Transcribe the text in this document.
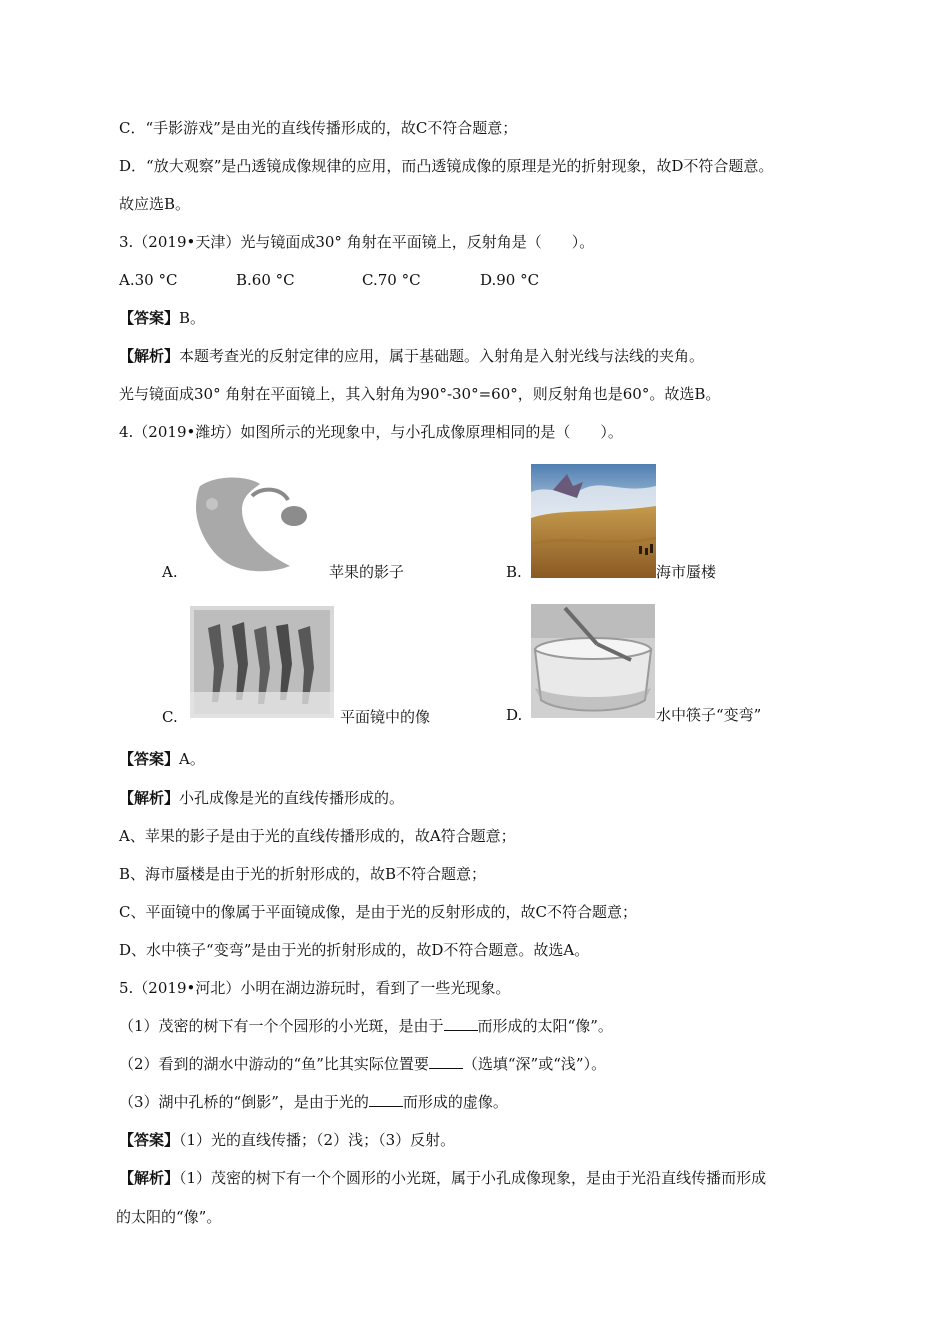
C．“手影游戏”是由光的直线传播形成的，故C不符合题意；
D．“放大观察”是凸透镜成像规律的应用，而凸透镜成像的原理是光的折射现象，故D不符合题意。
故应选B。
3.（2019•天津）光与镜面成30° 角射在平面镜上，反射角是（　　）。
A.30 °C	B.60 °C	C.70 °C	D.90 °C
【答案】B。
【解析】本题考查光的反射定律的应用，属于基础题。入射角是入射光线与法线的夹角。
光与镜面成30° 角射在平面镜上，其入射角为90°-30°=60°，则反射角也是60°。故选B。
4.（2019•潍坊）如图所示的光现象中，与小孔成像原理相同的是（　　）。
A.	苹果的影子	B.	海市蜃楼
C.	平面镜中的像	D.	水中筷子“变弯”
【答案】A。
【解析】小孔成像是光的直线传播形成的。
A、苹果的影子是由于光的直线传播形成的，故A符合题意；
B、海市蜃楼是由于光的折射形成的，故B不符合题意；
C、平面镜中的像属于平面镜成像，是由于光的反射形成的，故C不符合题意；
D、水中筷子“变弯”是由于光的折射形成的，故D不符合题意。故选A。
5.（2019•河北）小明在湖边游玩时，看到了一些光现象。
（1）茂密的树下有一个个园形的小光斑，是由于 而形成的太阳“像”。
（2）看到的湖水中游动的“鱼”比其实际位置要 （选填“深”或“浅”）。
（3）湖中孔桥的“倒影”，是由于光的 而形成的虚像。
【答案】（1）光的直线传播；（2）浅；（3）反射。
【解析】（1）茂密的树下有一个个圆形的小光斑，属于小孔成像现象，是由于光沿直线传播而形成
的太阳的“像”。
